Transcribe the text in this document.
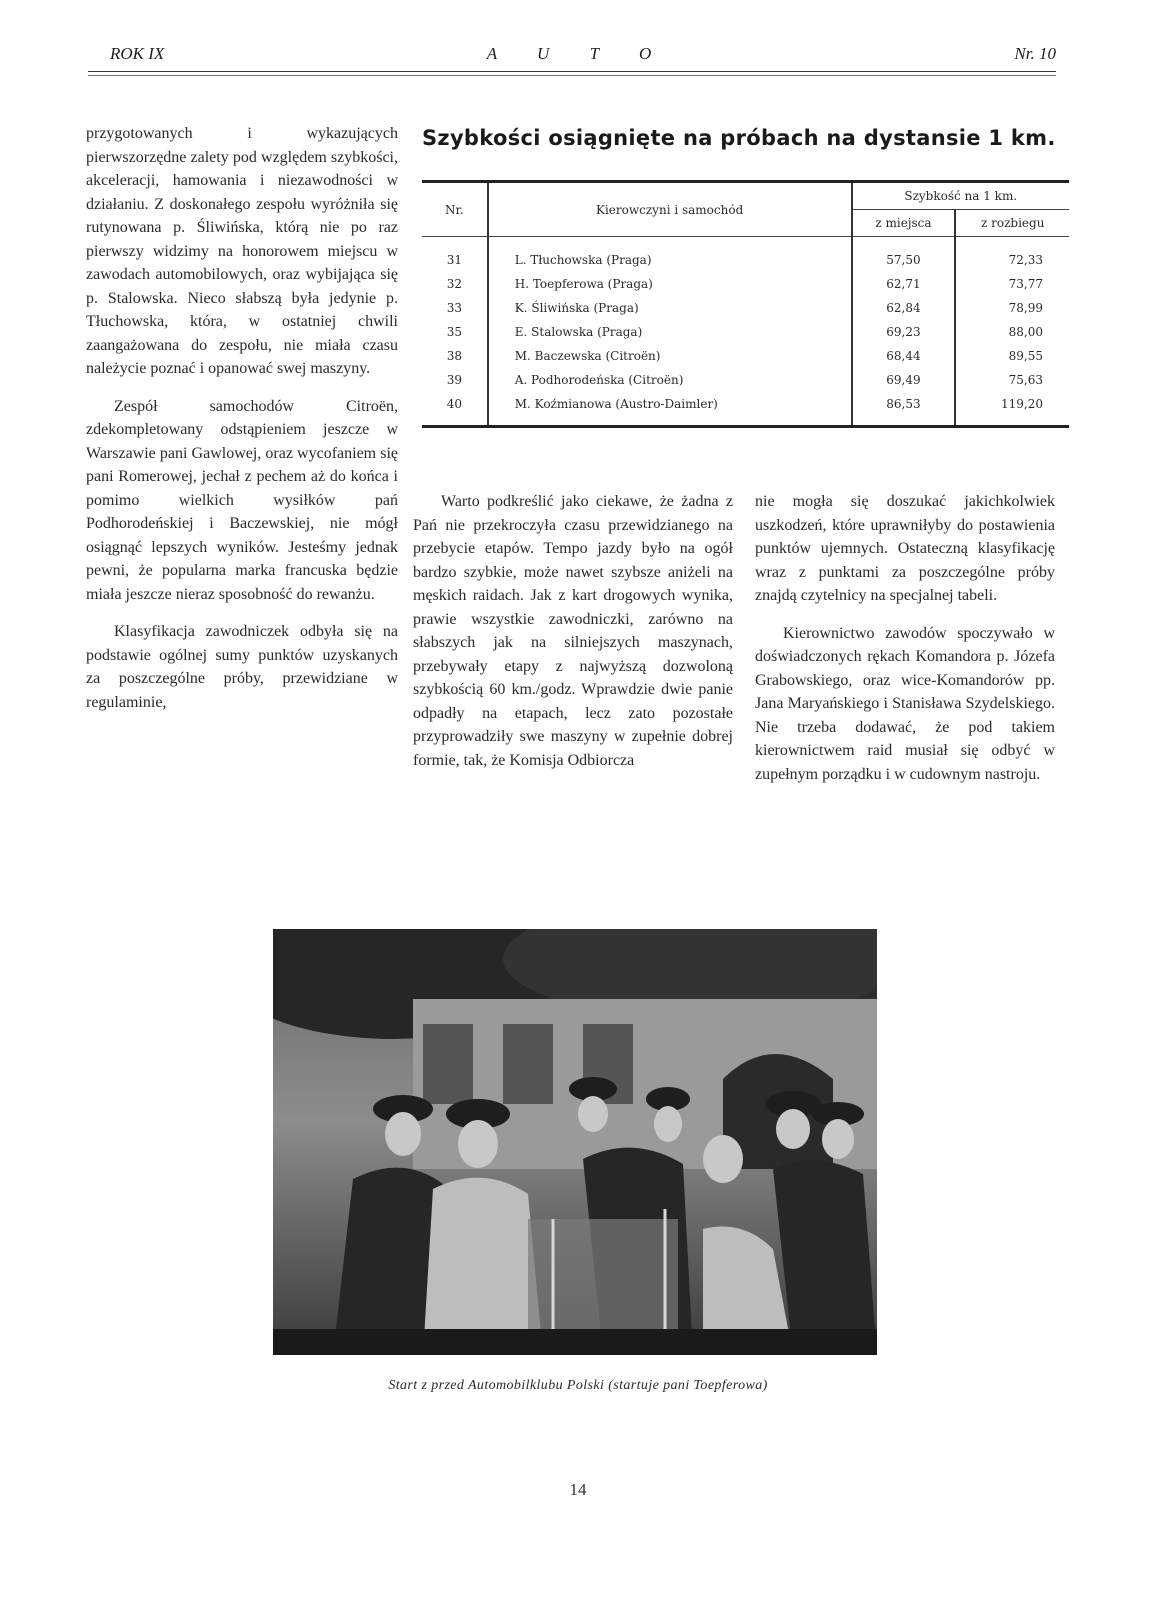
ROK IX	A U T O	Nr. 10

przygotowanych i wykazujących pierwszorzędne zalety pod względem szybkości, akceleracji, hamowania i niezawodności w działaniu. Z doskonałego zespołu wyróżniła się rutynowana p. Śliwińska, którą nie po raz pierwszy widzimy na honorowem miejscu w zawodach automobilowych, oraz wybijająca się p. Stalowska. Nieco słabszą była jedynie p. Tłuchowska, która, w ostatniej chwili zaangażowana do zespołu, nie miała czasu należycie poznać i opanować swej maszyny.

Zespół samochodów Citroën, zdekompletowany odstąpieniem jeszcze w Warszawie pani Gawlowej, oraz wycofaniem się pani Romerowej, jechał z pechem aż do końca i pomimo wielkich wysiłków pań Podhorodeńskiej i Baczewskiej, nie mógł osiągnąć lepszych wyników. Jesteśmy jednak pewni, że popularna marka francuska będzie miała jeszcze nieraz sposobność do rewanżu.

Klasyfikacja zawodniczek odbyła się na podstawie ogólnej sumy punktów uzyskanych za poszczególne próby, przewidziane w regulaminie,

Szybkości osiągnięte na próbach na dystansie 1 km.
Nr.	Kierowczyni i samochód	Szybkość na 1 km.	
		z miejsca	z rozbiegu
31	L. Tłuchowska (Praga)	57,50	72,33
32	H. Toepferowa (Praga)	62,71	73,77
33	K. Śliwińska (Praga)	62,84	78,99
35	E. Stalowska (Praga)	69,23	88,00
38	M. Baczewska (Citroën)	68,44	89,55
39	A. Podhorodeńska (Citroën)	69,49	75,63
40	M. Koźmianowa (Austro-Daimler)	86,53	119,20

Warto podkreślić jako ciekawe, że żadna z Pań nie przekroczyła czasu przewidzianego na przebycie etapów. Tempo jazdy było na ogół bardzo szybkie, może nawet szybsze aniżeli na męskich raidach. Jak z kart drogowych wynika, prawie wszystkie zawodniczki, zarówno na słabszych jak na silniejszych maszynach, przebywały etapy z najwyższą dozwoloną szybkością 60 km./godz. Wprawdzie dwie panie odpadły na etapach, lecz zato pozostałe przyprowadziły swe maszyny w zupełnie dobrej formie, tak, że Komisja Odbiorcza

nie mogła się doszukać jakichkolwiek uszkodzeń, które uprawniłyby do postawienia punktów ujemnych. Ostateczną klasyfikację wraz z punktami za poszczególne próby znajdą czytelnicy na specjalnej tabeli.

Kierownictwo zawodów spoczywało w doświadczonych rękach Komandora p. Józefa Grabowskiego, oraz wice-Komandorów pp. Jana Maryańskiego i Stanisława Szydelskiego. Nie trzeba dodawać, że pod takiem kierownictwem raid musiał się odbyć w zupełnym porządku i w cudownym nastroju.

Start z przed Automobilklubu Polski (startuje pani Toepferowa)
14
